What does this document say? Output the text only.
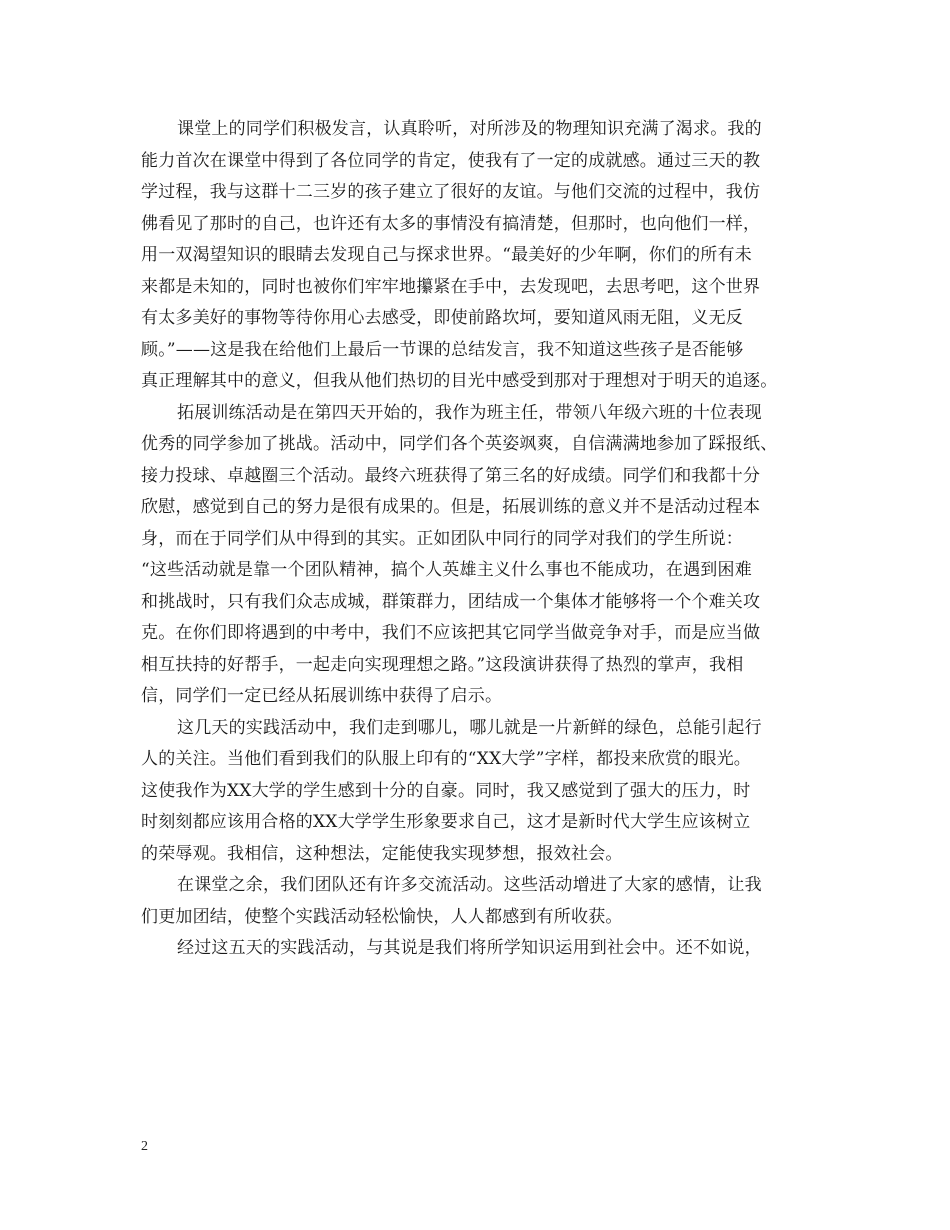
课堂上的同学们积极发言，认真聆听，对所涉及的物理知识充满了渴求。我的
能力首次在课堂中得到了各位同学的肯定，使我有了一定的成就感。通过三天的教
学过程，我与这群十二三岁的孩子建立了很好的友谊。与他们交流的过程中，我仿
佛看见了那时的自己，也许还有太多的事情没有搞清楚，但那时，也向他们一样，
用一双渴望知识的眼睛去发现自己与探求世界。“最美好的少年啊，你们的所有未
来都是未知的，同时也被你们牢牢地攥紧在手中，去发现吧，去思考吧，这个世界
有太多美好的事物等待你用心去感受，即使前路坎坷，要知道风雨无阻，义无反
顾。”——这是我在给他们上最后一节课的总结发言，我不知道这些孩子是否能够
真正理解其中的意义，但我从他们热切的目光中感受到那对于理想对于明天的追逐。
拓展训练活动是在第四天开始的，我作为班主任，带领八年级六班的十位表现
优秀的同学参加了挑战。活动中，同学们各个英姿飒爽，自信满满地参加了踩报纸、
接力投球、卓越圈三个活动。最终六班获得了第三名的好成绩。同学们和我都十分
欣慰，感觉到自己的努力是很有成果的。但是，拓展训练的意义并不是活动过程本
身，而在于同学们从中得到的其实。正如团队中同行的同学对我们的学生所说：
“这些活动就是靠一个团队精神，搞个人英雄主义什么事也不能成功，在遇到困难
和挑战时，只有我们众志成城，群策群力，团结成一个集体才能够将一个个难关攻
克。在你们即将遇到的中考中，我们不应该把其它同学当做竞争对手，而是应当做
相互扶持的好帮手，一起走向实现理想之路。”这段演讲获得了热烈的掌声，我相
信，同学们一定已经从拓展训练中获得了启示。
这几天的实践活动中，我们走到哪儿，哪儿就是一片新鲜的绿色，总能引起行
人的关注。当他们看到我们的队服上印有的“XX大学”字样，都投来欣赏的眼光。
这使我作为XX大学的学生感到十分的自豪。同时，我又感觉到了强大的压力，时
时刻刻都应该用合格的XX大学学生形象要求自己，这才是新时代大学生应该树立
的荣辱观。我相信，这种想法，定能使我实现梦想，报效社会。
在课堂之余，我们团队还有许多交流活动。这些活动增进了大家的感情，让我
们更加团结，使整个实践活动轻松愉快，人人都感到有所收获。
经过这五天的实践活动，与其说是我们将所学知识运用到社会中。还不如说，
2
